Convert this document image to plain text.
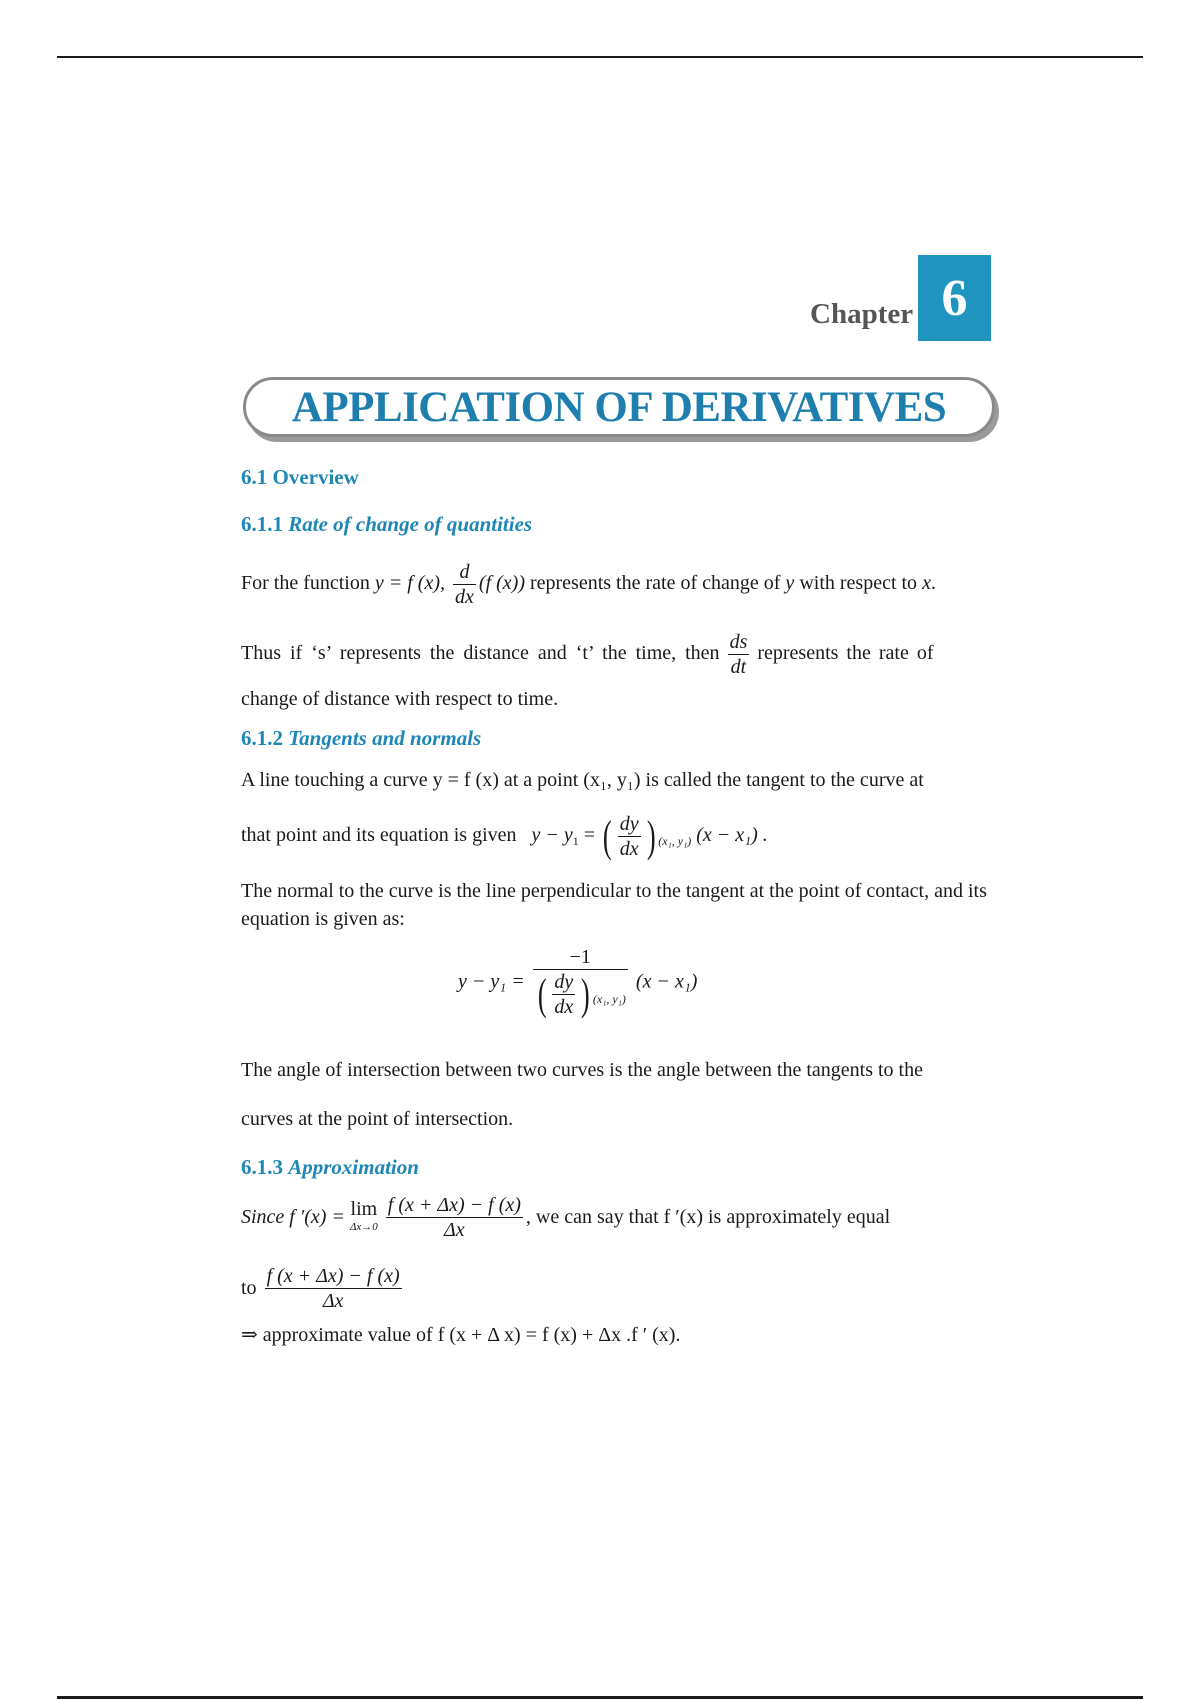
Chapter 6
APPLICATION OF DERIVATIVES
6.1 Overview
6.1.1 Rate of change of quantities
For the function y = f (x), $\frac{d}{dx} (f$ (x)) represents the rate of change of y with respect to x.
Thus if ‘s’ represents the distance and ‘t’ the time, then $\frac{ds}{dt}$ represents the rate of
change of distance with respect to time.
6.1.2 Tangents and normals
A line touching a curve y = f (x) at a point (x₁, y₁) is called the tangent to the curve at
that point and its equation is given $y - y_1$ = ( $\frac{dy}{dx}$ ) $_{(x_1, y_1)}$ (x − x₁) .
The normal to the curve is the line perpendicular to the tangent at the point of contact, and its equation is given as:
$y - y_1 = \frac{-1}{( \frac{dy}{dx} ) _{(x_1, y_1)}} (x - x_1)$
The angle of intersection between two curves is the angle between the tangents to the
curves at the point of intersection.
6.1.3 Approximation
Since f ′(x) = lim
Δx→0
$\frac{f (x + \Delta x) - f (x)}{\Delta x}$ , we can say that f ′(x) is approximately equal
to $\frac{f (x + \Delta x) - f (x)}{\Delta x}$
⇒ approximate value of f (x + Δ x) = f (x) + Δx .f ′ (x).
